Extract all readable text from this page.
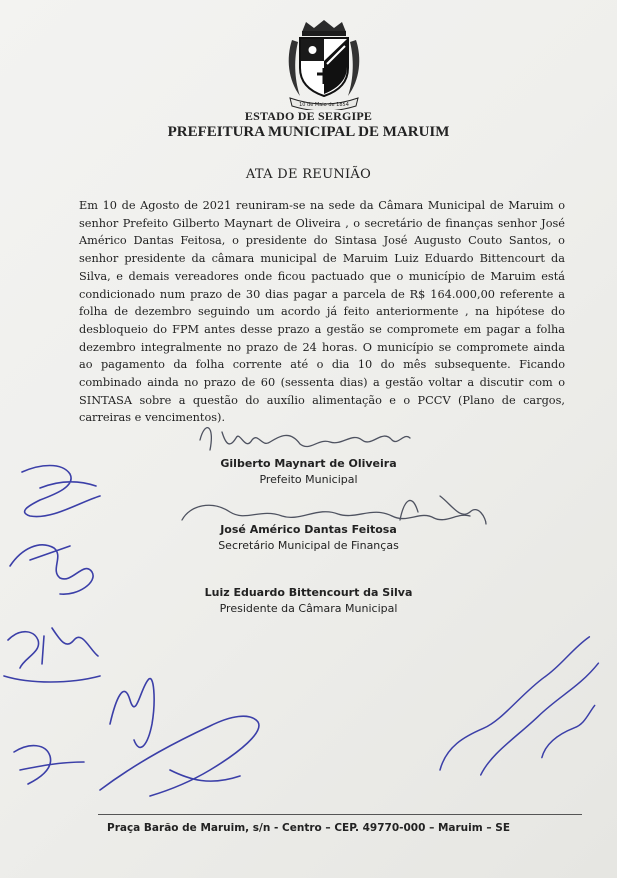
10 de Maio de 1854
ESTADO DE SERGIPE
PREFEITURA MUNICIPAL DE MARUIM
ATA DE REUNIÃO
Em 10 de Agosto de 2021 reuniram-se na sede da Câmara Municipal de Maruim o senhor Prefeito Gilberto Maynart de Oliveira , o secretário de finanças senhor José Américo Dantas Feitosa, o presidente do Sintasa José Augusto Couto Santos, o senhor presidente da câmara municipal de Maruim Luiz Eduardo Bittencourt da Silva, e demais vereadores onde ficou pactuado que o município de Maruim está condicionado num prazo de 30 dias pagar a parcela de R$ 164.000,00 referente a folha de dezembro seguindo um acordo já feito anteriormente , na hipótese do desbloqueio do FPM antes desse prazo a gestão se compromete em pagar a folha dezembro integralmente no prazo de 24 horas. O município se compromete ainda ao pagamento da folha corrente até o dia 10 do mês subsequente. Ficando combinado ainda no prazo de 60 (sessenta dias) a gestão voltar a discutir com o SINTASA sobre a questão do auxílio alimentação e o PCCV (Plano de cargos, carreiras e vencimentos).
Gilberto Maynart de Oliveira
Prefeito Municipal
José Américo Dantas Feitosa
Secretário Municipal de Finanças
Luiz Eduardo Bittencourt da Silva
Presidente da Câmara Municipal
Praça Barão de Maruim, s/n - Centro – CEP. 49770-000 – Maruim – SE
